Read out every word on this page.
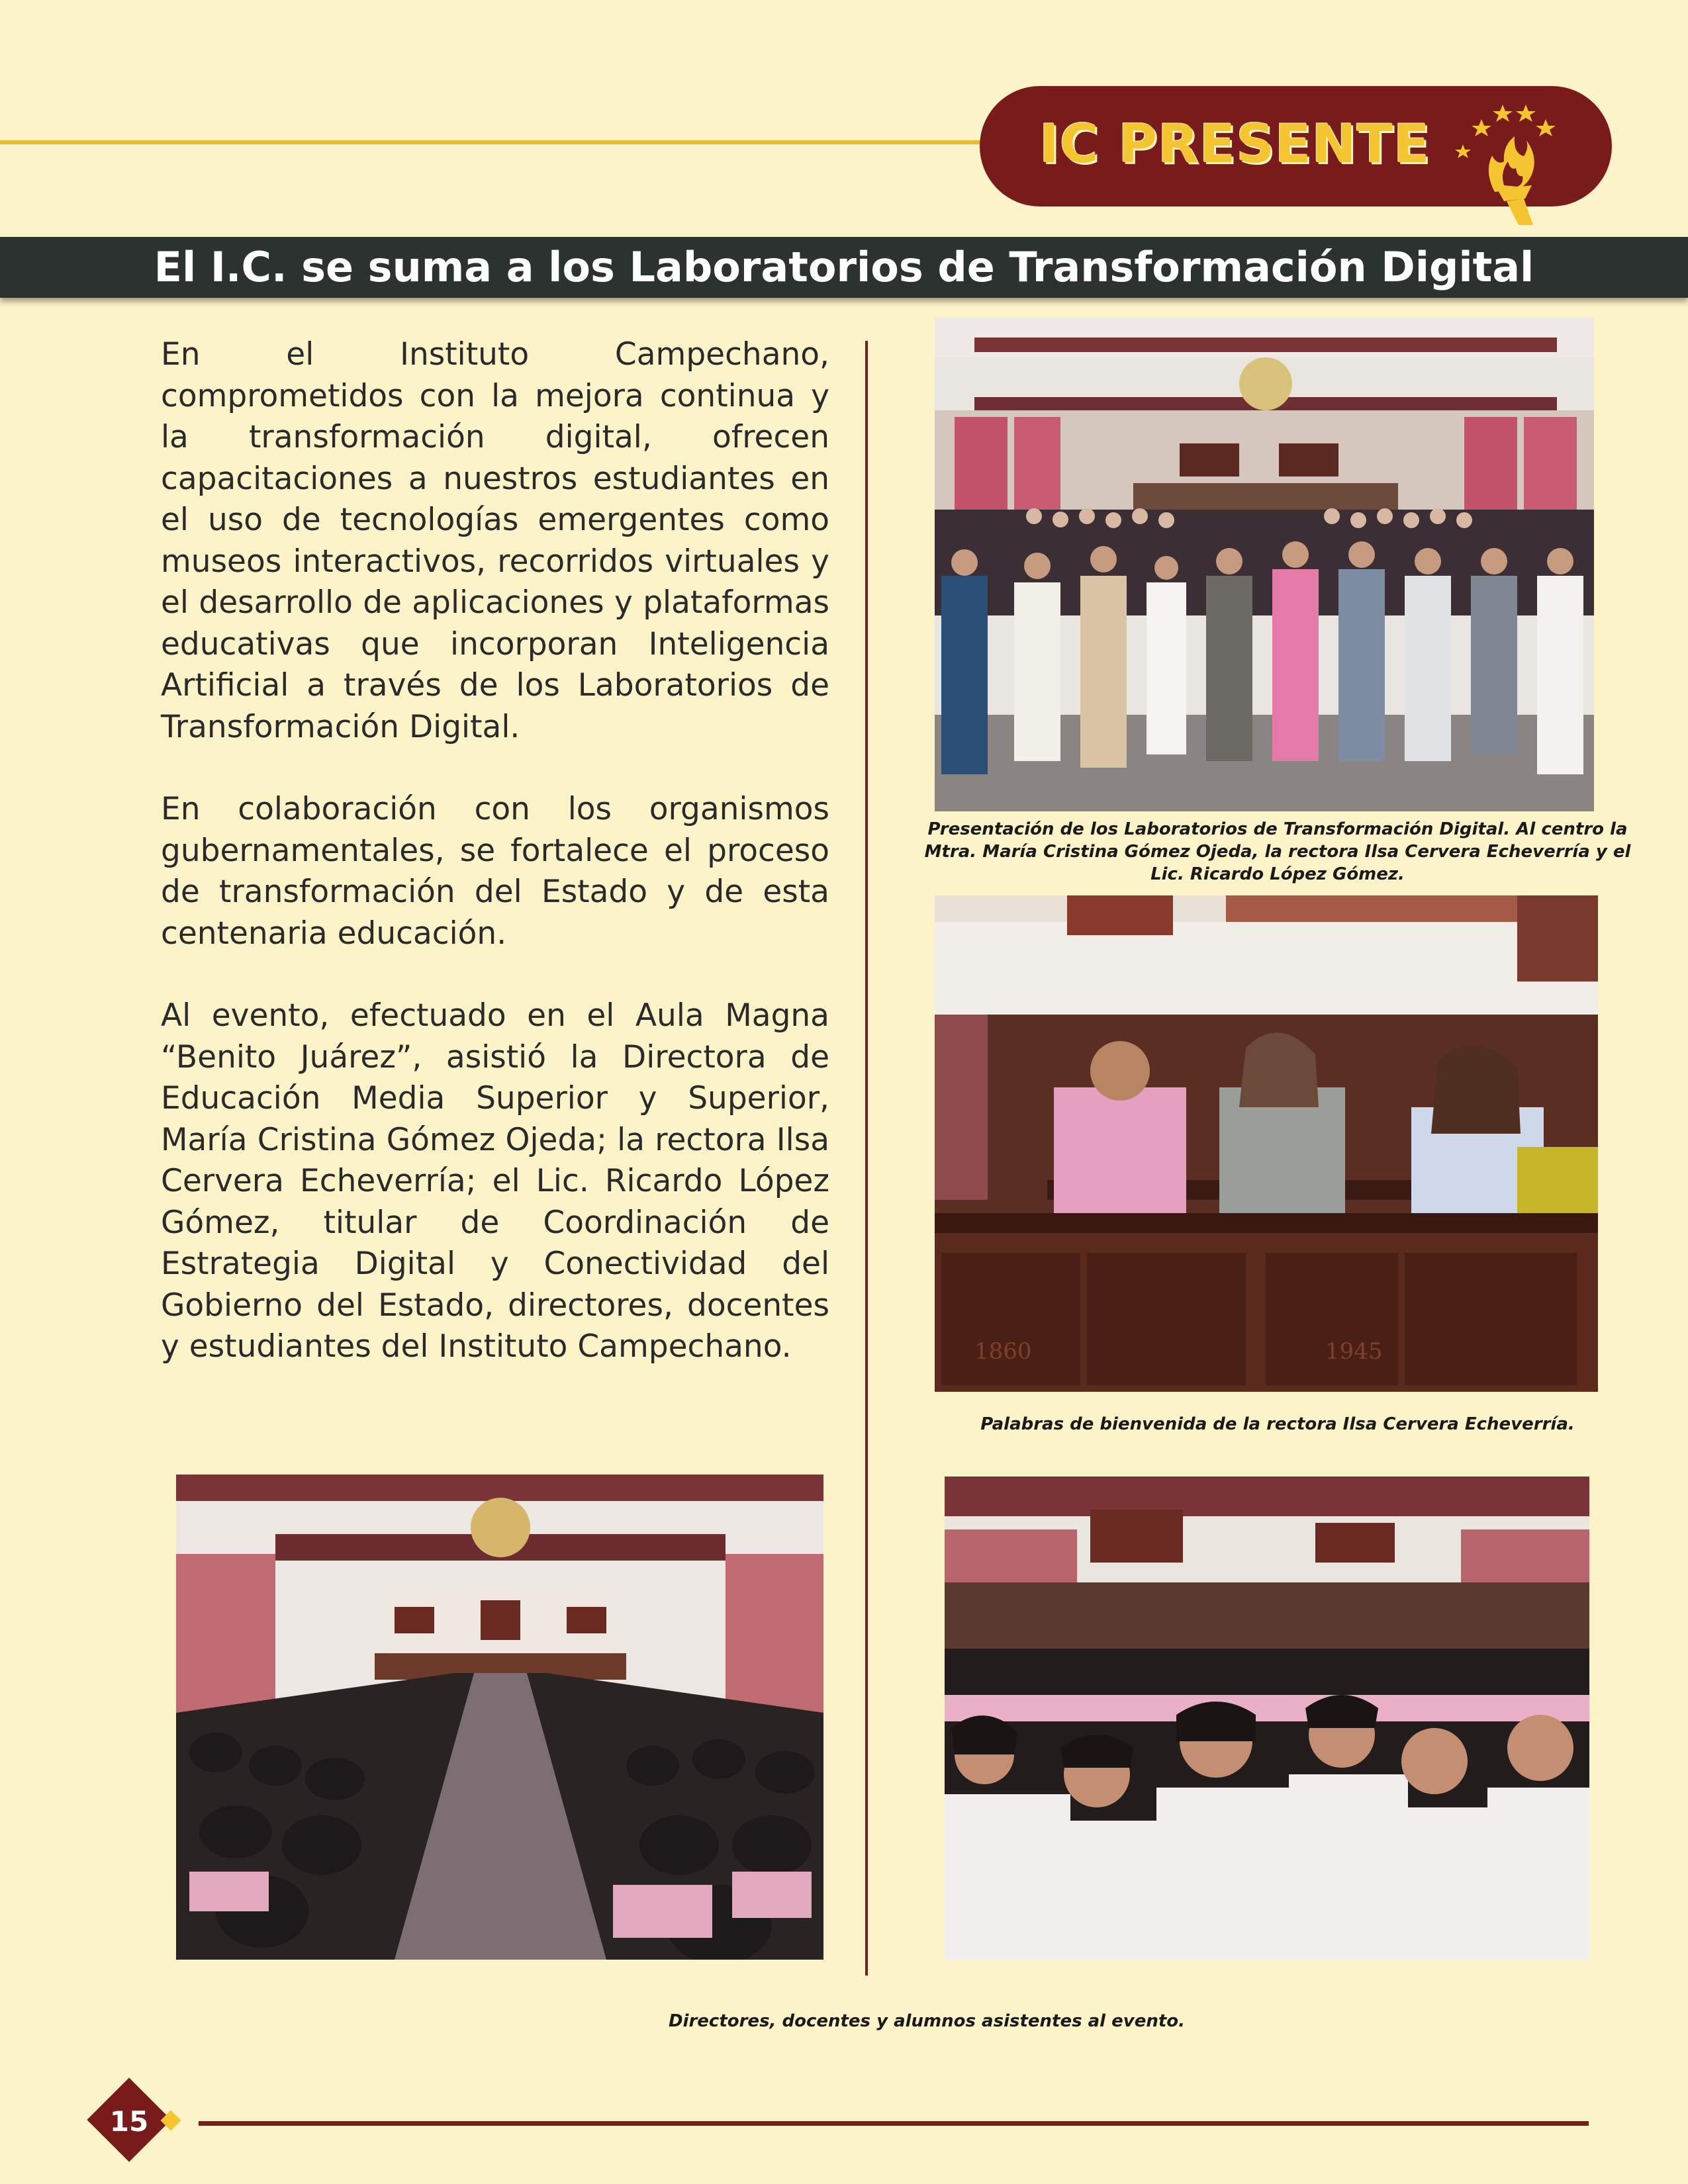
IC PRESENTE
El I.C. se suma a los Laboratorios de Transformación Digital

En el Instituto Campechano, comprometidos con la mejora continua y la transformación digital, ofrecen capacitaciones a nuestros estudiantes en el uso de tecnologías emergentes como museos interactivos, recorridos virtuales y el desarrollo de aplicaciones y plataformas educativas que incorporan Inteligencia Artificial a través de los Laboratorios de Transformación Digital.

En colaboración con los organismos gubernamentales, se fortalece el proceso de transformación del Estado y de esta centenaria educación.

Al evento, efectuado en el Aula Magna “Benito Juárez”, asistió la Directora de Educación Media Superior y Superior, María Cristina Gómez Ojeda; la rectora Ilsa Cervera Echeverría; el Lic. Ricardo López Gómez, titular de Coordinación de Estrategia Digital y Conectividad del Gobierno del Estado, directores, docentes y estudiantes del Instituto Campechano.

Presentación de los Laboratorios de Transformación Digital. Al centro la Mtra. María Cristina Gómez Ojeda, la rectora Ilsa Cervera Echeverría y el Lic. Ricardo López Gómez.
1860	1945
Palabras de bienvenida de la rectora Ilsa Cervera Echeverría.
Directores, docentes y alumnos asistentes al evento.
15
